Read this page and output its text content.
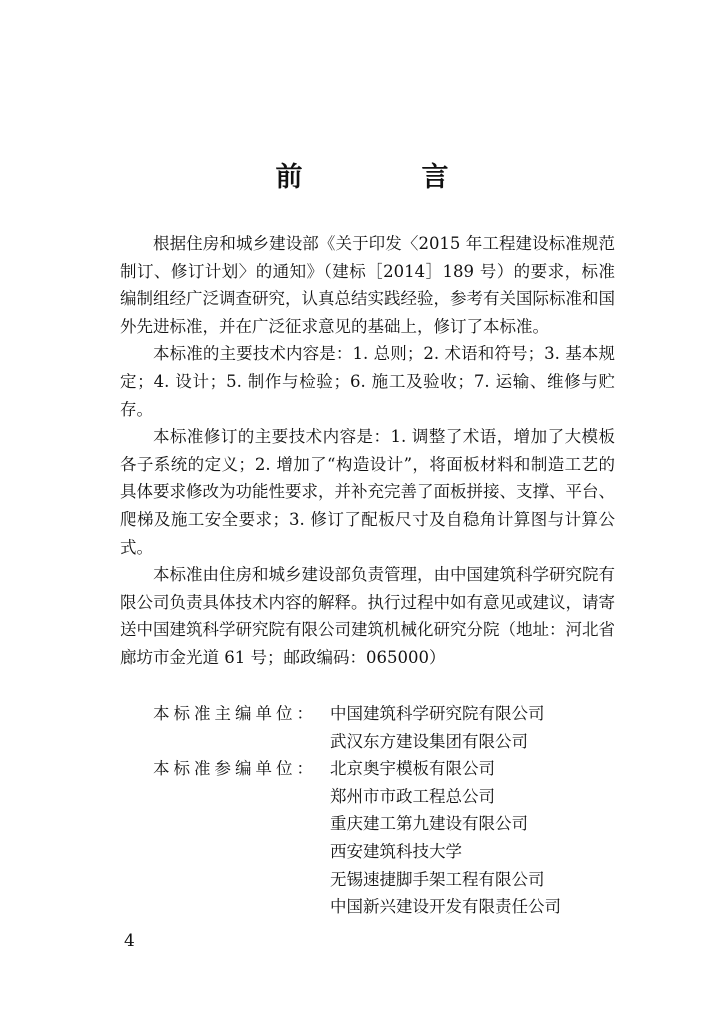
前　言

根据住房和城乡建设部《关于印发〈2015 年工程建设标准规范制订、修订计划〉的通知》（建标［2014］189 号）的要求，标准编制组经广泛调查研究，认真总结实践经验，参考有关国际标准和国外先进标准，并在广泛征求意见的基础上，修订了本标准。

本标准的主要技术内容是：1. 总则；2. 术语和符号；3. 基本规定；4. 设计；5. 制作与检验；6. 施工及验收；7. 运输、维修与贮存。

本标准修订的主要技术内容是：1. 调整了术语，增加了大模板各子系统的定义；2. 增加了“构造设计”，将面板材料和制造工艺的具体要求修改为功能性要求，并补充完善了面板拼接、支撑、平台、爬梯及施工安全要求；3. 修订了配板尺寸及自稳角计算图与计算公式。

本标准由住房和城乡建设部负责管理，由中国建筑科学研究院有限公司负责具体技术内容的解释。执行过程中如有意见或建议，请寄送中国建筑科学研究院有限公司建筑机械化研究分院（地址：河北省廊坊市金光道 61 号；邮政编码：065000）

本标准主编单位： 中国建筑科学研究院有限公司
武汉东方建设集团有限公司
本标准参编单位： 北京奥宇模板有限公司
郑州市市政工程总公司
重庆建工第九建设有限公司
西安建筑科技大学
无锡速捷脚手架工程有限公司
中国新兴建设开发有限责任公司
4
